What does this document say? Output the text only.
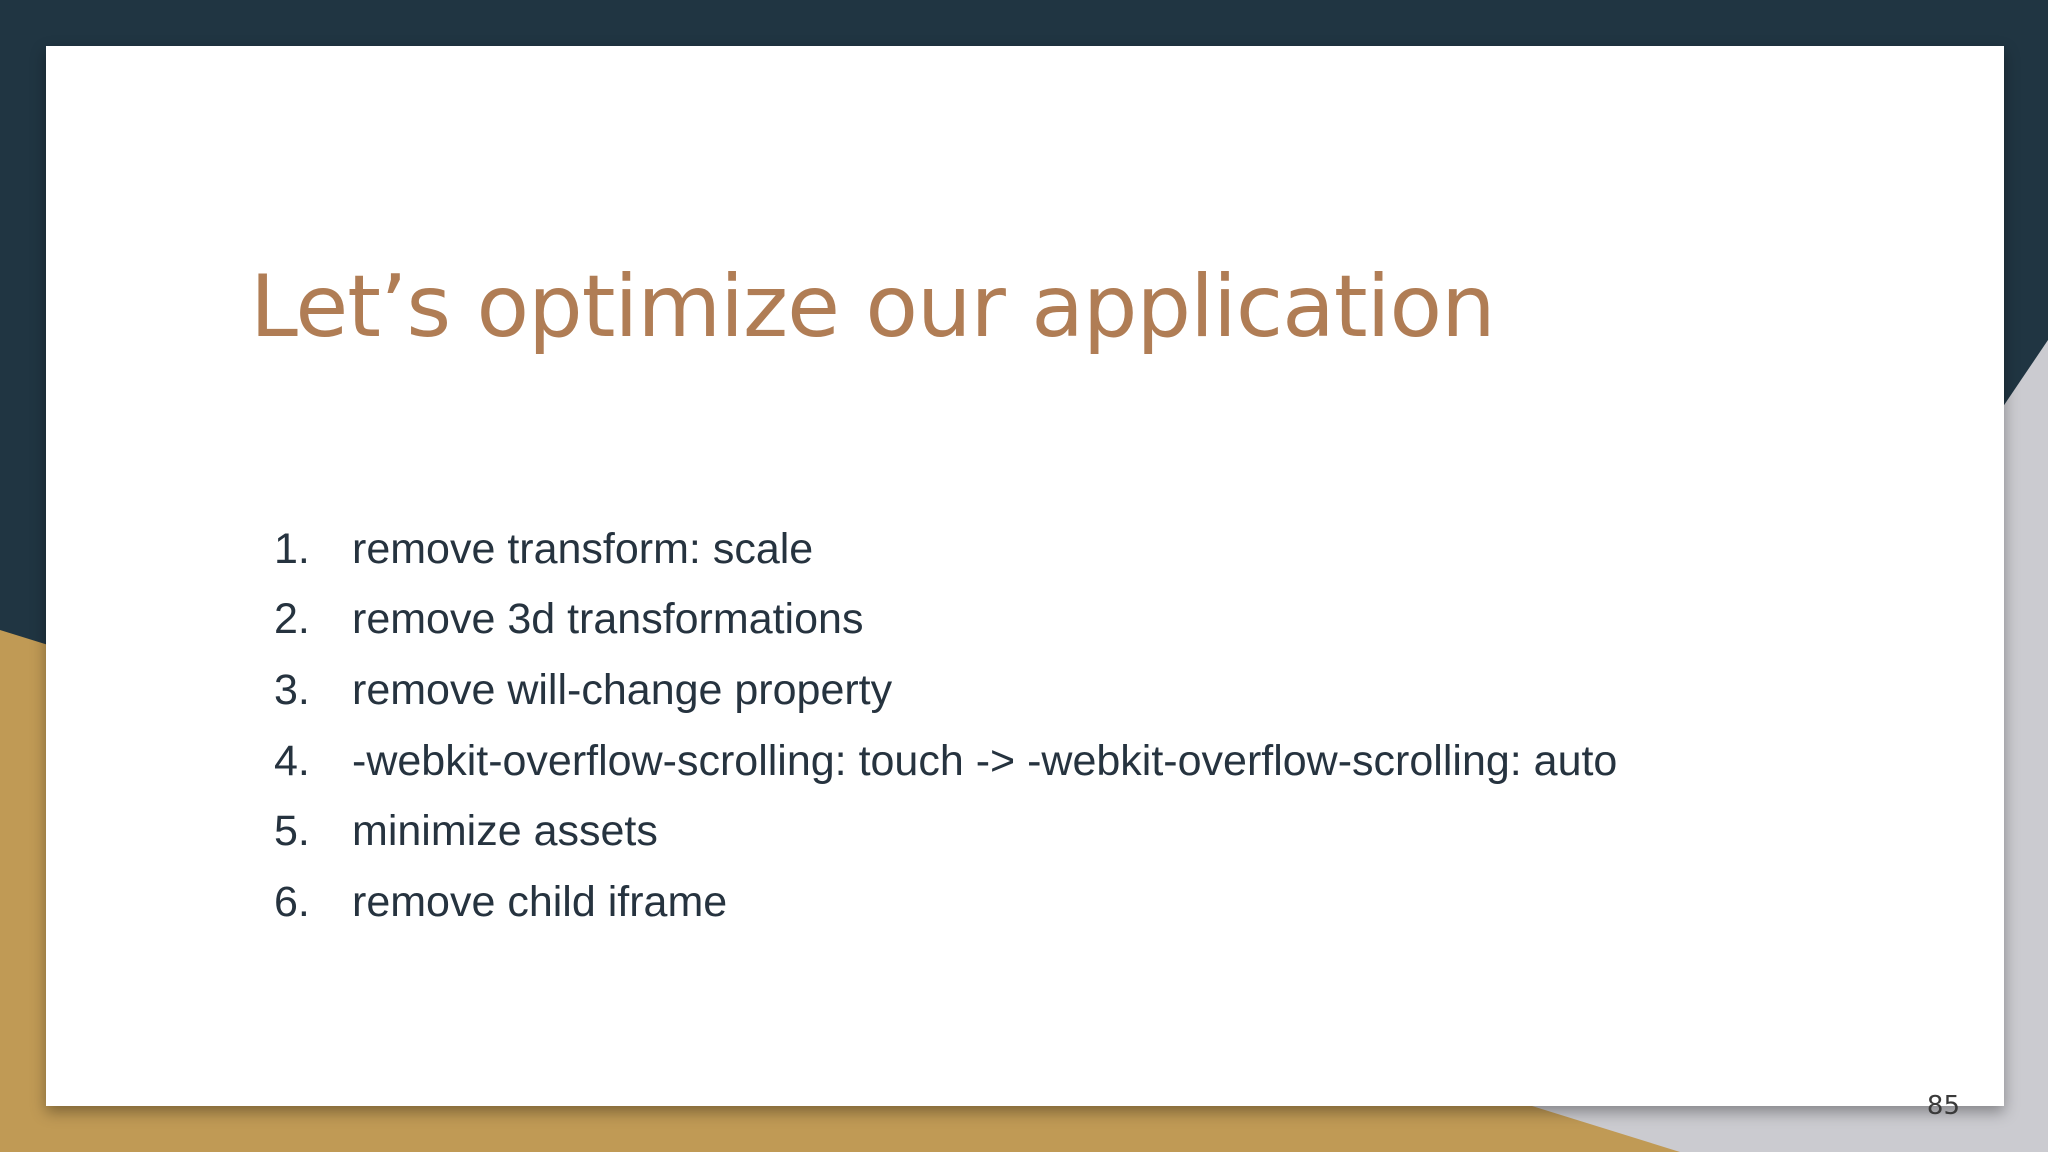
Let’s optimize our application
1. remove transform: scale
2. remove 3d transformations
3. remove will-change property
4. -webkit-overflow-scrolling: touch -> -webkit-overflow-scrolling: auto
5. minimize assets
6. remove child iframe
85
